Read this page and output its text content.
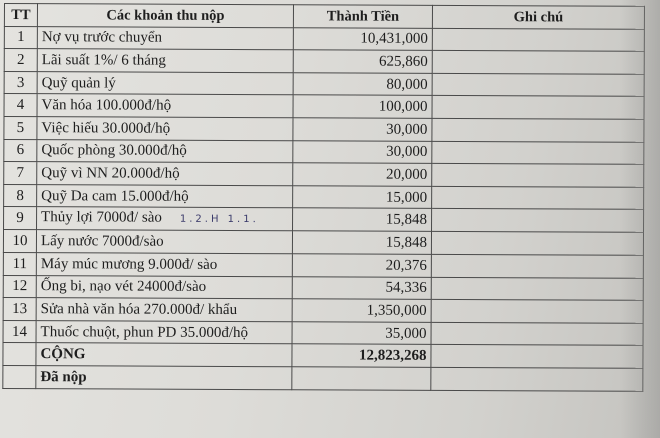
TT	Các khoản thu nộp	Thành Tiền	Ghi chú
1	Nợ vụ trước chuyển	10,431,000	
2	Lãi suất 1%/ 6 tháng	625,860	
3	Quỹ quản lý	80,000	
4	Văn hóa 100.000đ/hộ	100,000	
5	Việc hiếu 30.000đ/hộ	30,000	
6	Quốc phòng 30.000đ/hộ	30,000	
7	Quỹ vì NN 20.000đ/hộ	20,000	
8	Quỹ Da cam 15.000đ/hộ	15,000	
9	Thủy lợi 7000đ/ sào 1.2.H 1.1.	15,848	
10	Lấy nước 7000đ/sào	15,848	
11	Máy múc mương 9.000đ/ sào	20,376	
12	Ống bi, nạo vét 24000đ/sào	54,336	
13	Sửa nhà văn hóa 270.000đ/ khẩu	1,350,000	
14	Thuốc chuột, phun PD 35.000đ/hộ	35,000	
	CỘNG	12,823,268	
	Đã nộp		
